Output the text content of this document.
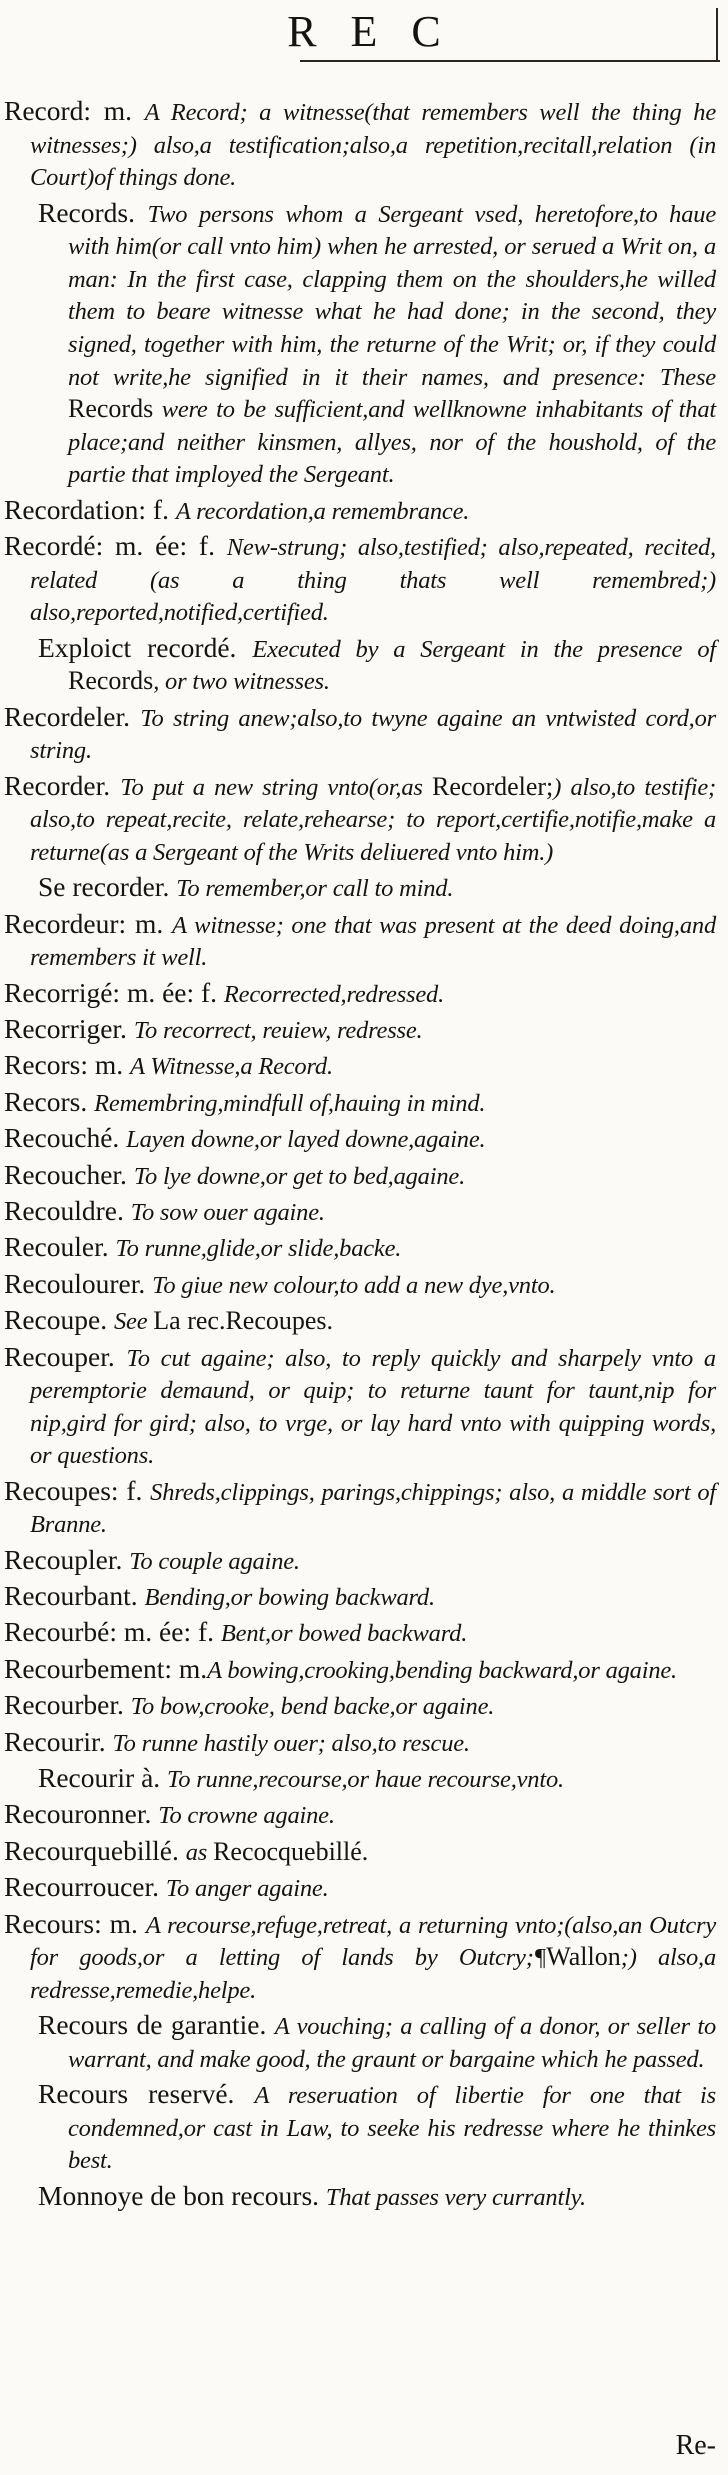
REC
Record: m. A Record; a witnesse(that remembers well the thing he witnesses;) also,a testification;also,a repetition,recitall,relation (in Court)of things done.
Records. Two persons whom a Sergeant vsed, heretofore,to haue with him(or call vnto him) when he arrested, or serued a Writ on, a man: In the first case, clapping them on the shoulders,he willed them to beare witnesse what he had done; in the second, they signed, together with him, the returne of the Writ; or, if they could not write,he signified in it their names, and presence: These Records were to be sufficient,and wellknowne inhabitants of that place;and neither kinsmen, allyes, nor of the houshold, of the partie that imployed the Sergeant.
Recordation: f. A recordation,a remembrance.
Recordé: m. ée: f. New-strung; also,testified; also,repeated, recited, related (as a thing thats well remembred;) also,reported,notified,certified.
Exploict recordé. Executed by a Sergeant in the presence of Records, or two witnesses.
Recordeler. To string anew;also,to twyne againe an vntwisted cord,or string.
Recorder. To put a new string vnto(or,as Recordeler;) also,to testifie; also,to repeat,recite, relate,rehearse; to report,certifie,notifie,make a returne(as a Sergeant of the Writs deliuered vnto him.)
Se recorder. To remember,or call to mind.
Recordeur: m. A witnesse; one that was present at the deed doing,and remembers it well.
Recorrigé: m. ée: f. Recorrected,redressed.
Recorriger. To recorrect, reuiew, redresse.
Recors: m. A Witnesse,a Record.
Recors. Remembring,mindfull of,hauing in mind.
Recouché. Layen downe,or layed downe,againe.
Recoucher. To lye downe,or get to bed,againe.
Recouldre. To sow ouer againe.
Recouler. To runne,glide,or slide,backe.
Recoulourer. To giue new colour,to add a new dye,vnto.
Recoupe. See La rec.Recoupes.
Recouper. To cut againe; also, to reply quickly and sharpely vnto a peremptorie demaund, or quip; to returne taunt for taunt,nip for nip,gird for gird; also, to vrge, or lay hard vnto with quipping words, or questions.
Recoupes: f. Shreds,clippings, parings,chippings; also, a middle sort of Branne.
Recoupler. To couple againe.
Recourbant. Bending,or bowing backward.
Recourbé: m. ée: f. Bent,or bowed backward.
Recourbement: m.A bowing,crooking,bending backward,or againe.
Recourber. To bow,crooke, bend backe,or againe.
Recourir. To runne hastily ouer; also,to rescue.
Recourir à. To runne,recourse,or haue recourse,vnto.
Recouronner. To crowne againe.
Recourquebillé. as Recocquebillé.
Recourroucer. To anger againe.
Recours: m. A recourse,refuge,retreat, a returning vnto;(also,an Outcry for goods,or a letting of lands by Outcry;¶Wallon;) also,a redresse,remedie,helpe.
Recours de garantie. A vouching; a calling of a donor, or seller to warrant, and make good, the graunt or bargaine which he passed.
Recours reservé. A reseruation of libertie for one that is condemned,or cast in Law, to seeke his redresse where he thinkes best.
Monnoye de bon recours. That passes very currantly.
Re-
